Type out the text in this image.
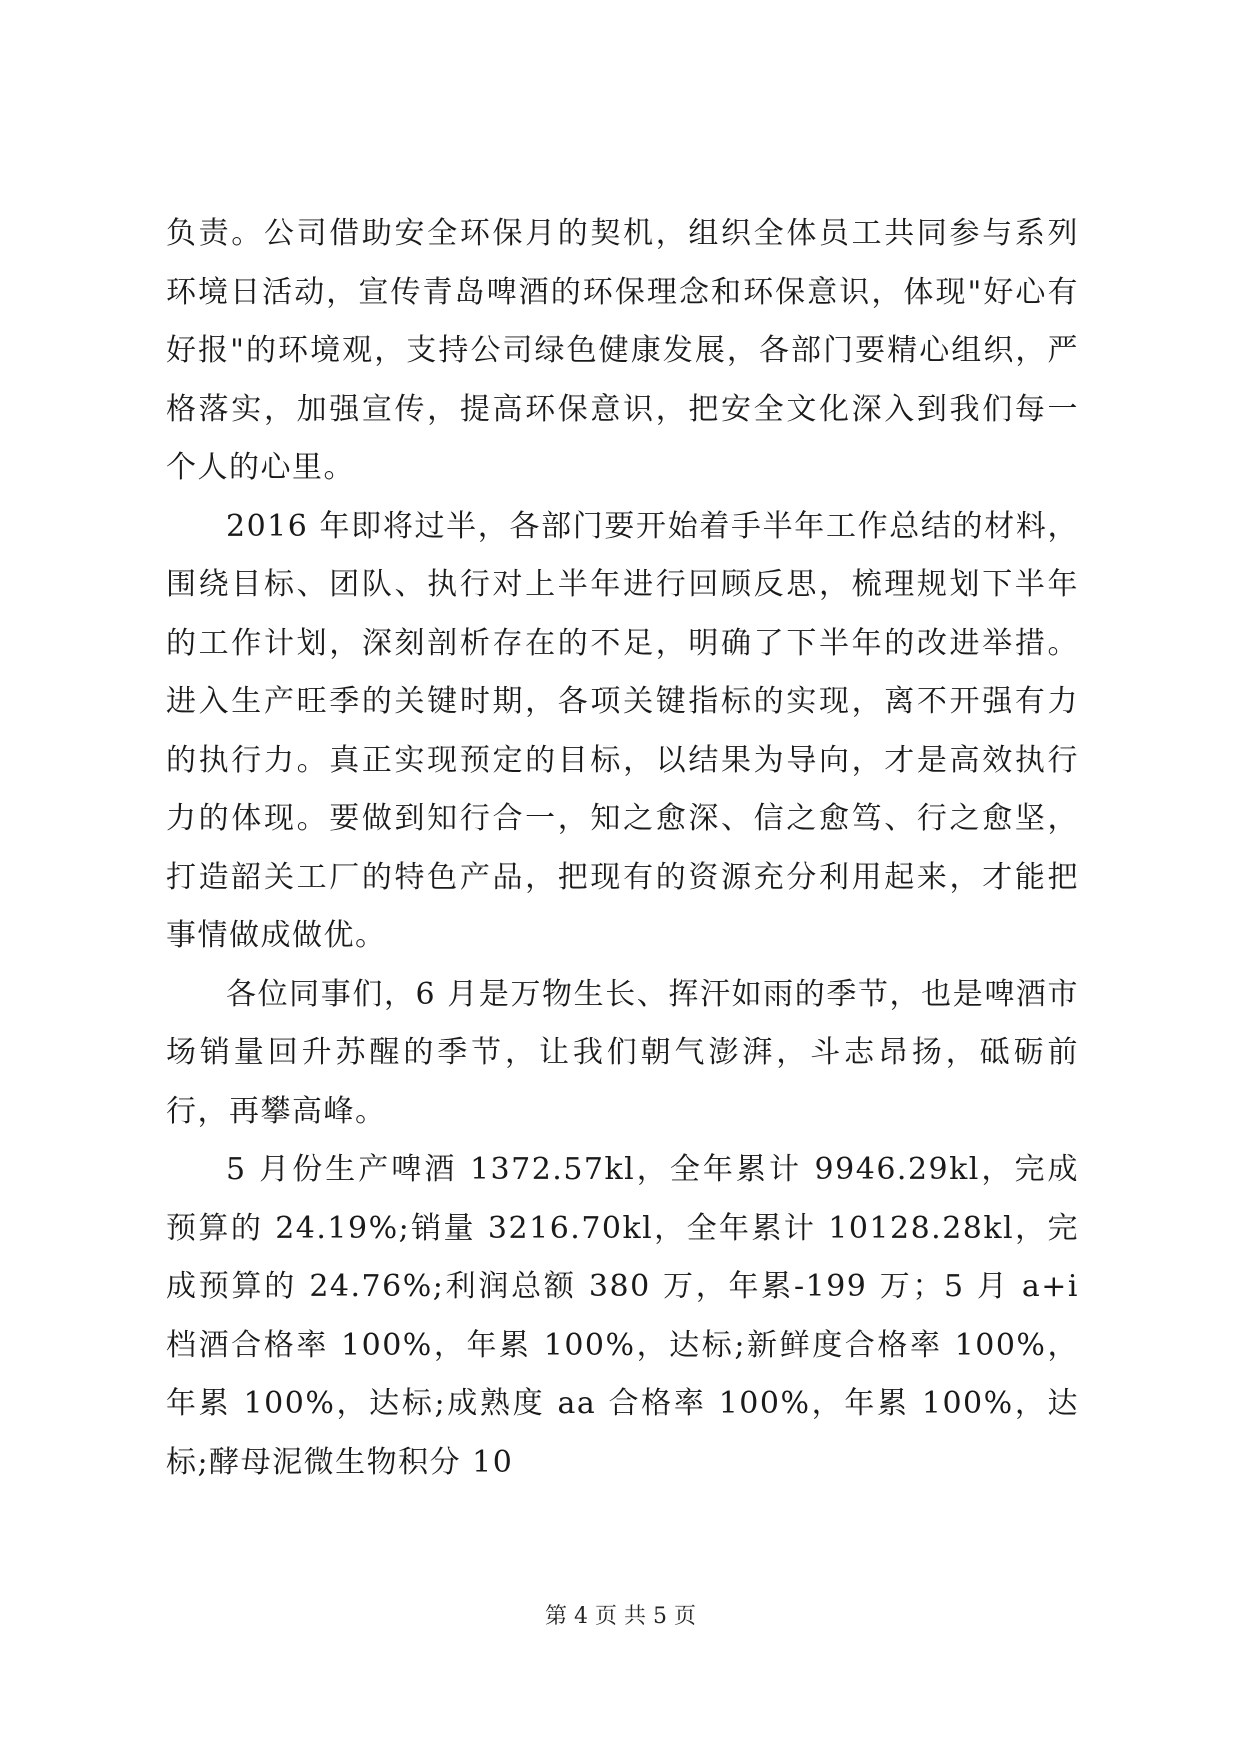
负责。公司借助安全环保月的契机，组织全体员工共同参与系列环境日活动，宣传青岛啤酒的环保理念和环保意识，体现"好心有好报"的环境观，支持公司绿色健康发展，各部门要精心组织，严格落实，加强宣传，提高环保意识，把安全文化深入到我们每一个人的心里。

2016 年即将过半，各部门要开始着手半年工作总结的材料，围绕目标、团队、执行对上半年进行回顾反思，梳理规划下半年的工作计划，深刻剖析存在的不足，明确了下半年的改进举措。进入生产旺季的关键时期，各项关键指标的实现，离不开强有力的执行力。真正实现预定的目标，以结果为导向，才是高效执行力的体现。要做到知行合一，知之愈深、信之愈笃、行之愈坚，打造韶关工厂的特色产品，把现有的资源充分利用起来，才能把事情做成做优。

各位同事们，6 月是万物生长、挥汗如雨的季节，也是啤酒市场销量回升苏醒的季节，让我们朝气澎湃，斗志昂扬，砥砺前行，再攀高峰。

5 月份生产啤酒 1372.57kl，全年累计 9946.29kl，完成预算的 24.19%;销量 3216.70kl，全年累计 10128.28kl，完成预算的 24.76%;利润总额 380 万，年累-199 万；5 月 a+i 档酒合格率 100%，年累 100%，达标;新鲜度合格率 100%，年累 100%，达标;成熟度 aa 合格率 100%，年累 100%，达标;酵母泥微生物积分 10

第 4 页 共 5 页
